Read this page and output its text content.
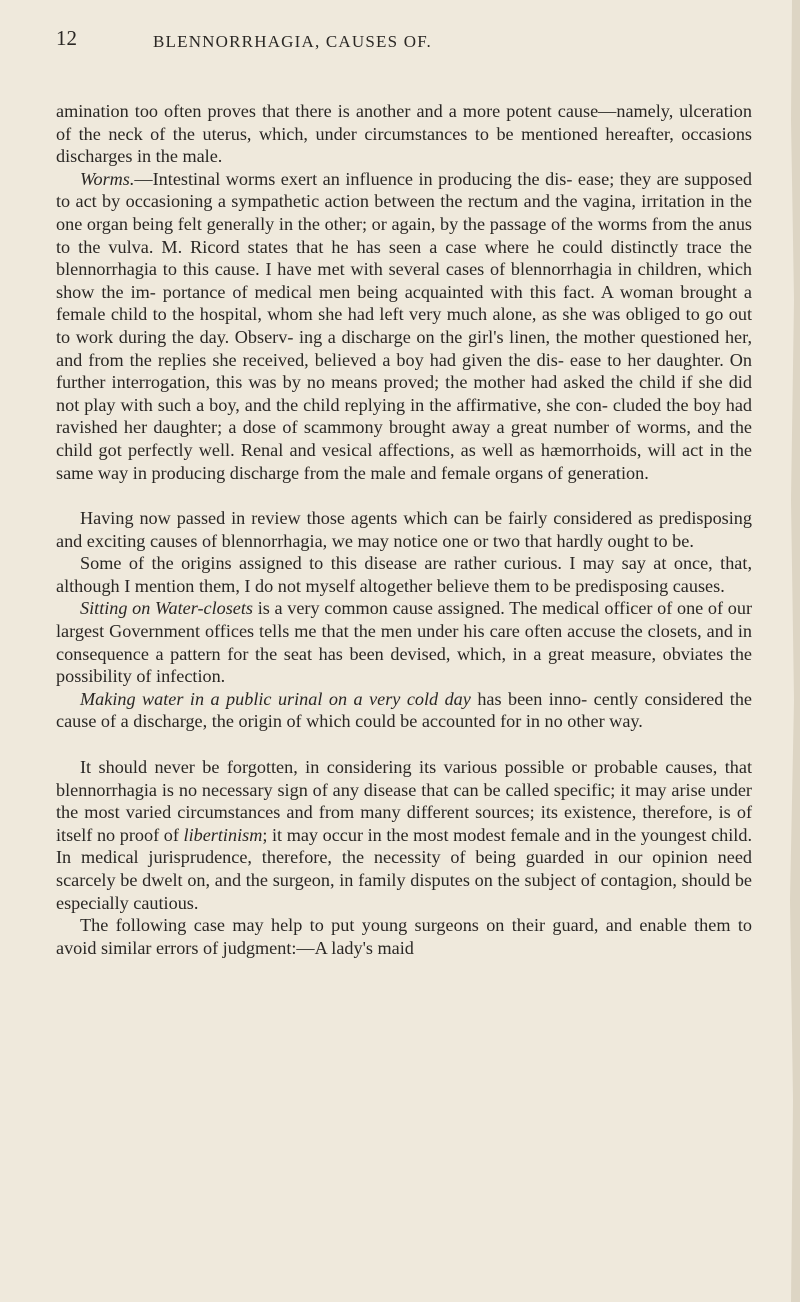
12	BLENNORRHAGIA, CAUSES OF.

amination too often proves that there is another and a more potent cause—namely, ulceration of the neck of the uterus, which, under circumstances to be mentioned hereafter, occasions discharges in the male.

Worms.—Intestinal worms exert an influence in producing the dis- ease; they are supposed to act by occasioning a sympathetic action between the rectum and the vagina, irritation in the one organ being felt generally in the other; or again, by the passage of the worms from the anus to the vulva. M. Ricord states that he has seen a case where he could distinctly trace the blennorrhagia to this cause. I have met with several cases of blennorrhagia in children, which show the im- portance of medical men being acquainted with this fact. A woman brought a female child to the hospital, whom she had left very much alone, as she was obliged to go out to work during the day. Observ- ing a discharge on the girl's linen, the mother questioned her, and from the replies she received, believed a boy had given the dis- ease to her daughter. On further interrogation, this was by no means proved; the mother had asked the child if she did not play with such a boy, and the child replying in the affirmative, she con- cluded the boy had ravished her daughter; a dose of scammony brought away a great number of worms, and the child got perfectly well. Renal and vesical affections, as well as hæmorrhoids, will act in the same way in producing discharge from the male and female organs of generation.

Having now passed in review those agents which can be fairly considered as predisposing and exciting causes of blennorrhagia, we may notice one or two that hardly ought to be.

Some of the origins assigned to this disease are rather curious. I may say at once, that, although I mention them, I do not myself altogether believe them to be predisposing causes.

Sitting on Water-closets is a very common cause assigned. The medical officer of one of our largest Government offices tells me that the men under his care often accuse the closets, and in consequence a pattern for the seat has been devised, which, in a great measure, obviates the possibility of infection.

Making water in a public urinal on a very cold day has been inno- cently considered the cause of a discharge, the origin of which could be accounted for in no other way.

It should never be forgotten, in considering its various possible or probable causes, that blennorrhagia is no necessary sign of any disease that can be called specific; it may arise under the most varied circumstances and from many different sources; its existence, therefore, is of itself no proof of libertinism; it may occur in the most modest female and in the youngest child. In medical jurisprudence, therefore, the necessity of being guarded in our opinion need scarcely be dwelt on, and the surgeon, in family disputes on the subject of contagion, should be especially cautious.

The following case may help to put young surgeons on their guard, and enable them to avoid similar errors of judgment:—A lady's maid
